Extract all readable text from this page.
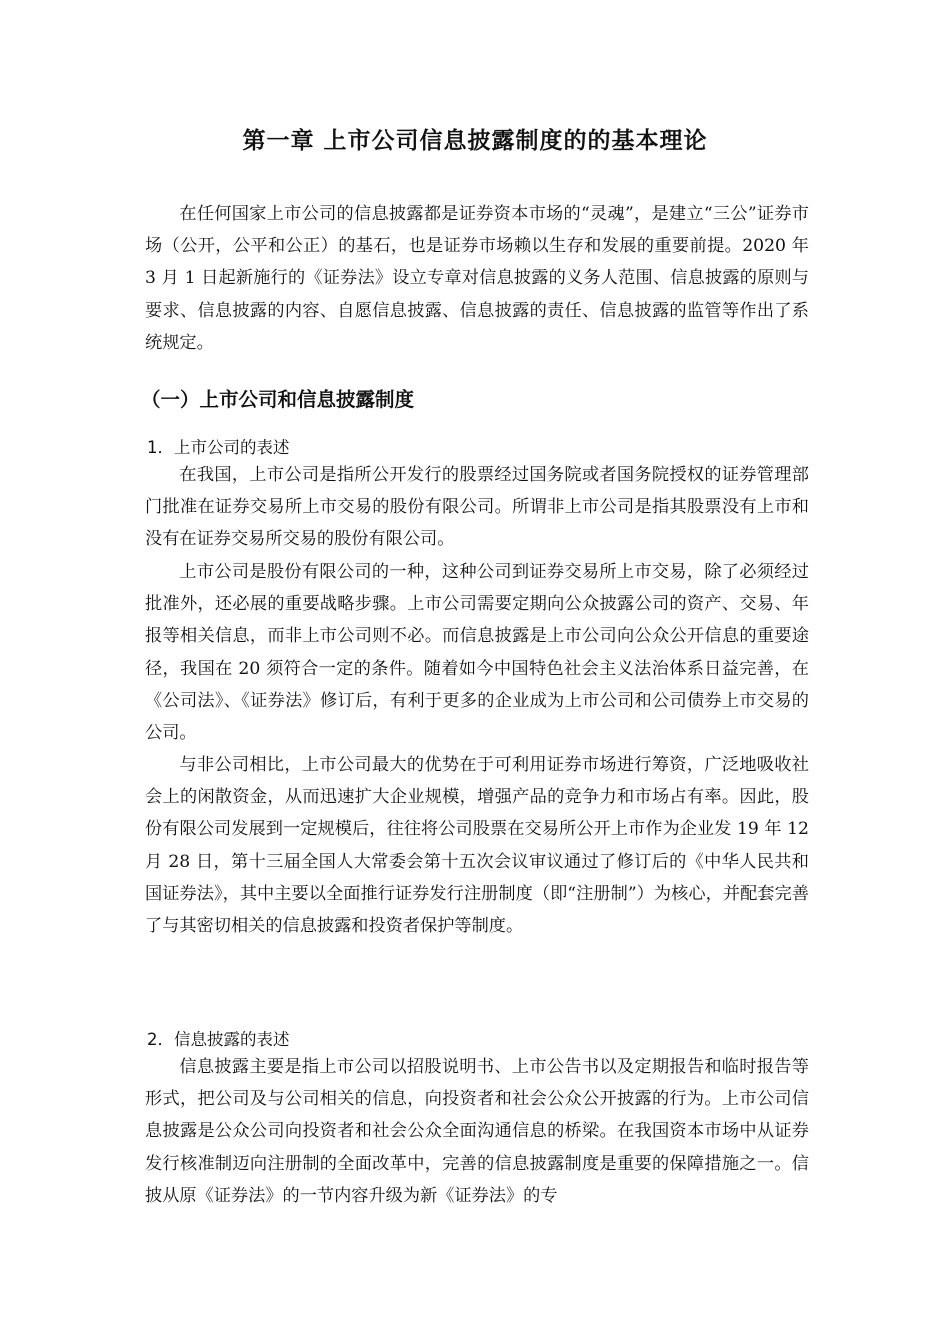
第一章 上市公司信息披露制度的的基本理论

在任何国家上市公司的信息披露都是证券资本市场的“灵魂”，是建立“三公”证券市场（公开，公平和公正）的基石，也是证券市场赖以生存和发展的重要前提。2020 年 3 月 1 日起新施行的《证券法》设立专章对信息披露的义务人范围、信息披露的原则与要求、信息披露的内容、自愿信息披露、信息披露的责任、信息披露的监管等作出了系统规定。

（一）上市公司和信息披露制度
1．上市公司的表述

在我国，上市公司是指所公开发行的股票经过国务院或者国务院授权的证券管理部门批准在证券交易所上市交易的股份有限公司。所谓非上市公司是指其股票没有上市和没有在证券交易所交易的股份有限公司。

上市公司是股份有限公司的一种，这种公司到证券交易所上市交易，除了必须经过批准外，还必展的重要战略步骤。上市公司需要定期向公众披露公司的资产、交易、年报等相关信息，而非上市公司则不必。而信息披露是上市公司向公众公开信息的重要途径，我国在 20 须符合一定的条件。随着如今中国特色社会主义法治体系日益完善，在《公司法》、《证券法》修订后，有利于更多的企业成为上市公司和公司债券上市交易的公司。

与非公司相比，上市公司最大的优势在于可利用证券市场进行筹资，广泛地吸收社会上的闲散资金，从而迅速扩大企业规模，增强产品的竞争力和市场占有率。因此，股份有限公司发展到一定规模后，往往将公司股票在交易所公开上市作为企业发 19 年 12 月 28 日，第十三届全国人大常委会第十五次会议审议通过了修订后的《中华人民共和国证券法》，其中主要以全面推行证券发行注册制度（即“注册制”）为核心，并配套完善了与其密切相关的信息披露和投资者保护等制度。

2．信息披露的表述

信息披露主要是指上市公司以招股说明书、上市公告书以及定期报告和临时报告等形式，把公司及与公司相关的信息，向投资者和社会公众公开披露的行为。上市公司信息披露是公众公司向投资者和社会公众全面沟通信息的桥梁。在我国资本市场中从证券发行核准制迈向注册制的全面改革中，完善的信息披露制度是重要的保障措施之一。信披从原《证券法》的一节内容升级为新《证券法》的专
